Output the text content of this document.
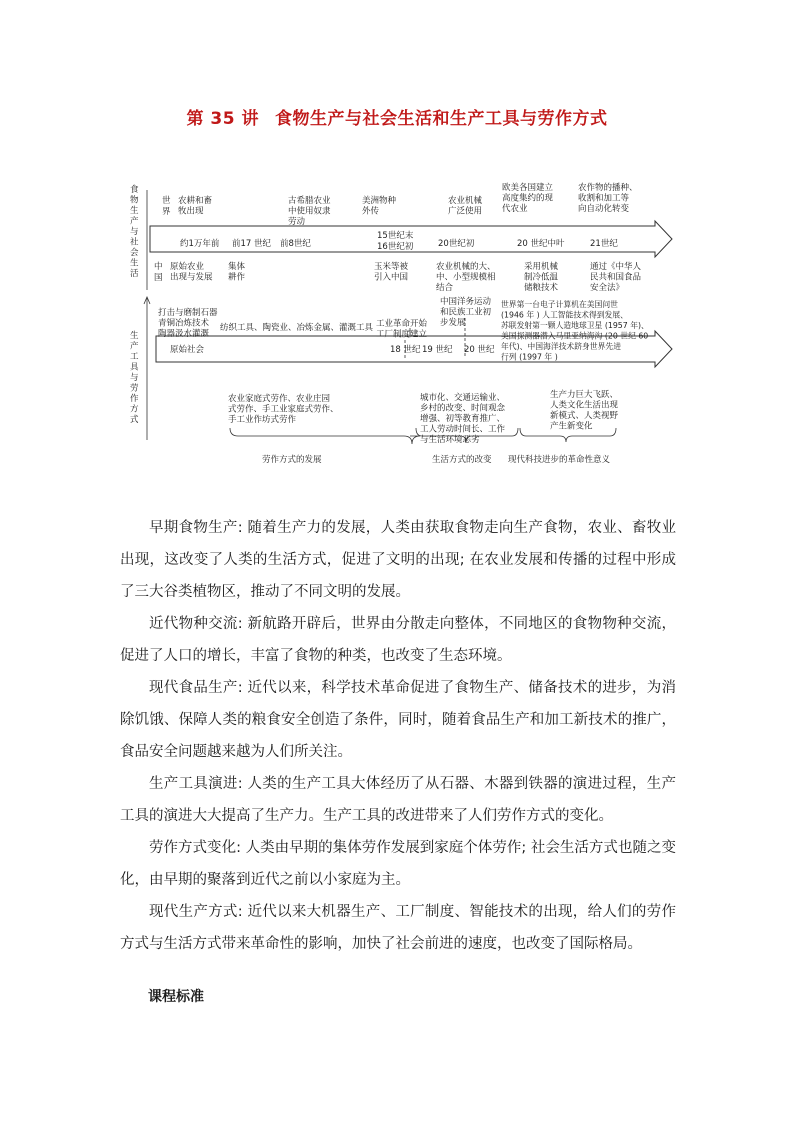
第 35 讲 食物生产与社会生活和生产工具与劳作方式
食
物
生
产
与
社
会
生
活
生
产
工
具
与
劳
作
方
式
世
界
中
国
农耕和畜
牧出现
古希腊农业
中使用奴隶
劳动
美洲物种
外传
农业机械
广泛使用
欧美各国建立
高度集约的现
代农业
农作物的播种、
收割和加工等
向自动化转变
约1万年前 前17 世纪 前8世纪
15世纪末
16世纪初	20世纪初	20 世纪中叶	21世纪
原始农业
出现与发展
集体
耕作
玉米等被
引入中国
农业机械的大、
中、小型规模相
结合
采用机械
制冷低温
储粮技术
通过《中华人
民共和国食品
安全法》
打击与磨制石器
青铜冶炼技术
陶器汲水灌溉
纺织工具、陶瓷业、冶炼金属、灌溉工具 工业革命开始
工厂制度建立
中国洋务运动
和民族工业初
步发展
世界第一台电子计算机在美国问世
(1946 年 ) 人工智能技术得到发展、
苏联发射第一颗人造地球卫星 (1957 年)、
美国探测器潜入马里亚纳海沟 (20 世纪 60
年代)、中国海洋技术跻身世界先进
行列 (1997 年 )
原始社会	18 世纪 19 世纪 20 世纪
农业家庭式劳作、农业庄园
式劳作、手工业家庭式劳作、
手工业作坊式劳作
城市化、交通运输业、
乡村的改变、时间观念
增强、初等教育推广、
工人劳动时间长、工作
与生活环境恶劣
生产力巨大飞跃、
人类文化生活出现
新模式、人类视野
产生新变化
劳作方式的发展	生活方式的改变 现代科技进步的革命性意义

早期食物生产: 随着生产力的发展，人类由获取食物走向生产食物，农业、畜牧业出现，这改变了人类的生活方式，促进了文明的出现; 在农业发展和传播的过程中形成了三大谷类植物区，推动了不同文明的发展。

近代物种交流: 新航路开辟后，世界由分散走向整体，不同地区的食物物种交流，促进了人口的增长，丰富了食物的种类，也改变了生态环境。

现代食品生产: 近代以来，科学技术革命促进了食物生产、储备技术的进步，为消除饥饿、保障人类的粮食安全创造了条件，同时，随着食品生产和加工新技术的推广，食品安全问题越来越为人们所关注。

生产工具演进: 人类的生产工具大体经历了从石器、木器到铁器的演进过程，生产工具的演进大大提高了生产力。生产工具的改进带来了人们劳作方式的变化。

劳作方式变化: 人类由早期的集体劳作发展到家庭个体劳作; 社会生活方式也随之变化，由早期的聚落到近代之前以小家庭为主。

现代生产方式: 近代以来大机器生产、工厂制度、智能技术的出现，给人们的劳作方式与生活方式带来革命性的影响，加快了社会前进的速度，也改变了国际格局。

课程标准
